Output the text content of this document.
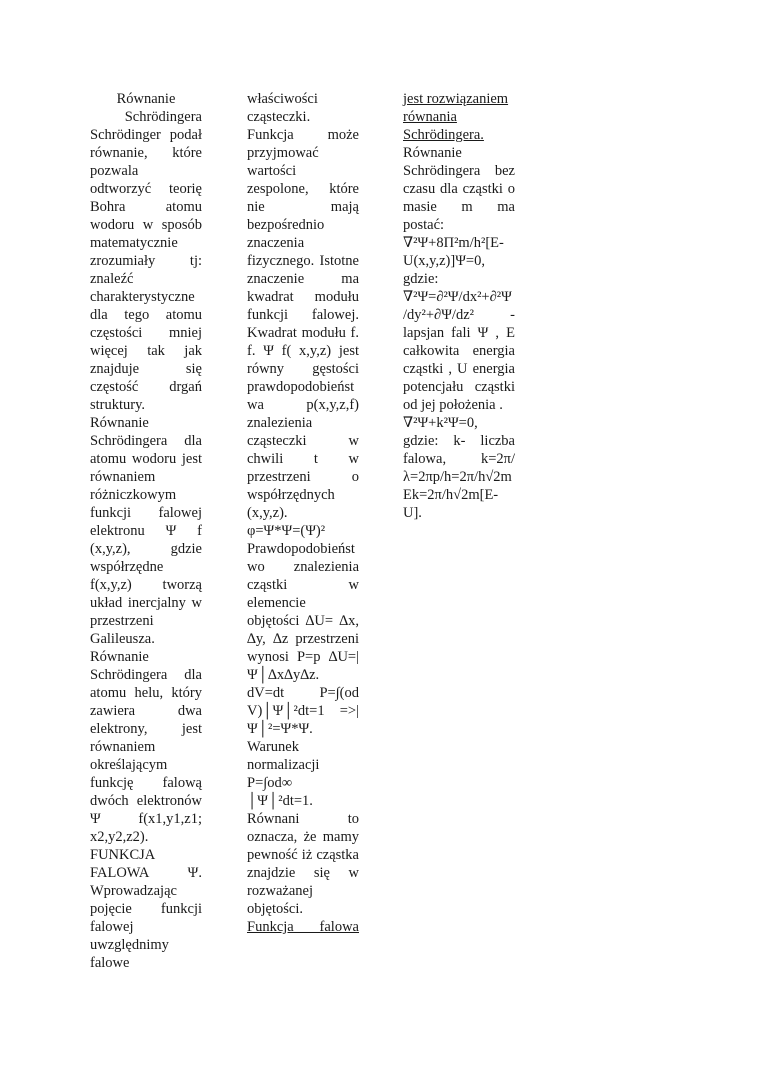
Równanie

Schrödingera

Schrödinger podał równanie, które pozwala odtworzyć teorię Bohra atomu wodoru w sposób matematycznie zrozumiały tj: znaleźć charakterystyczne dla tego atomu częstości mniej więcej tak jak znajduje się częstość drgań struktury.

Równanie Schrödingera dla atomu wodoru jest równaniem różniczkowym funkcji falowej elektronu Ψ f (x,y,z), gdzie współrzędne f(x,y,z) tworzą układ inercjalny w przestrzeni Galileusza.

Równanie Schrödingera dla atomu helu, który zawiera dwa elektrony, jest równaniem określającym funkcję falową dwóch elektronów Ψ f(x1,y1,z1; x2,y2,z2).

FUNKCJA FALOWA Ψ. Wprowadzając pojęcie funkcji falowej uwzględnimy falowe

właściwości cząsteczki. Funkcja może przyjmować wartości zespolone, które nie mają bezpośrednio znaczenia fizycznego. Istotne znaczenie ma kwadrat modułu funkcji falowej. Kwadrat modułu f. f. Ψ f( x,y,z) jest równy gęstości prawdopodobieństwa p(x,y,z,f) znalezienia cząsteczki w chwili t w przestrzeni o współrzędnych (x,y,z).

φ=Ψ*Ψ=(Ψ)²

Prawdopodobieństwo znalezienia cząstki w elemencie objętości ∆U= ∆x, ∆y, ∆z przestrzeni wynosi P=p ∆U=|Ψ│∆x∆y∆z. dV=dt P=∫(od V)│Ψ│²dt=1 =>|Ψ│²=Ψ*Ψ. Warunek normalizacji P=∫od∞ │Ψ│²dt=1.

Równani to oznacza, że mamy pewność iż cząstka znajdzie się w rozważanej objętości.

Funkcja falowa

jest rozwiązaniem równania Schrödingera.

Równanie Schrödingera bez czasu dla cząstki o masie m ma postać:

∇²Ψ+8Π²m/h²[E-U(x,y,z)]Ψ=0,

gdzie: ∇²Ψ=∂²Ψ/dx²+∂²Ψ/dy²+∂Ψ/dz² - lapsjan fali Ψ , E całkowita energia cząstki , U energia potencjału cząstki od jej położenia .

∇²Ψ+k²Ψ=0,

gdzie: k- liczba falowa, k=2π/λ=2πp/h=2π/h√2mEk=2π/h√2m[E-U].
